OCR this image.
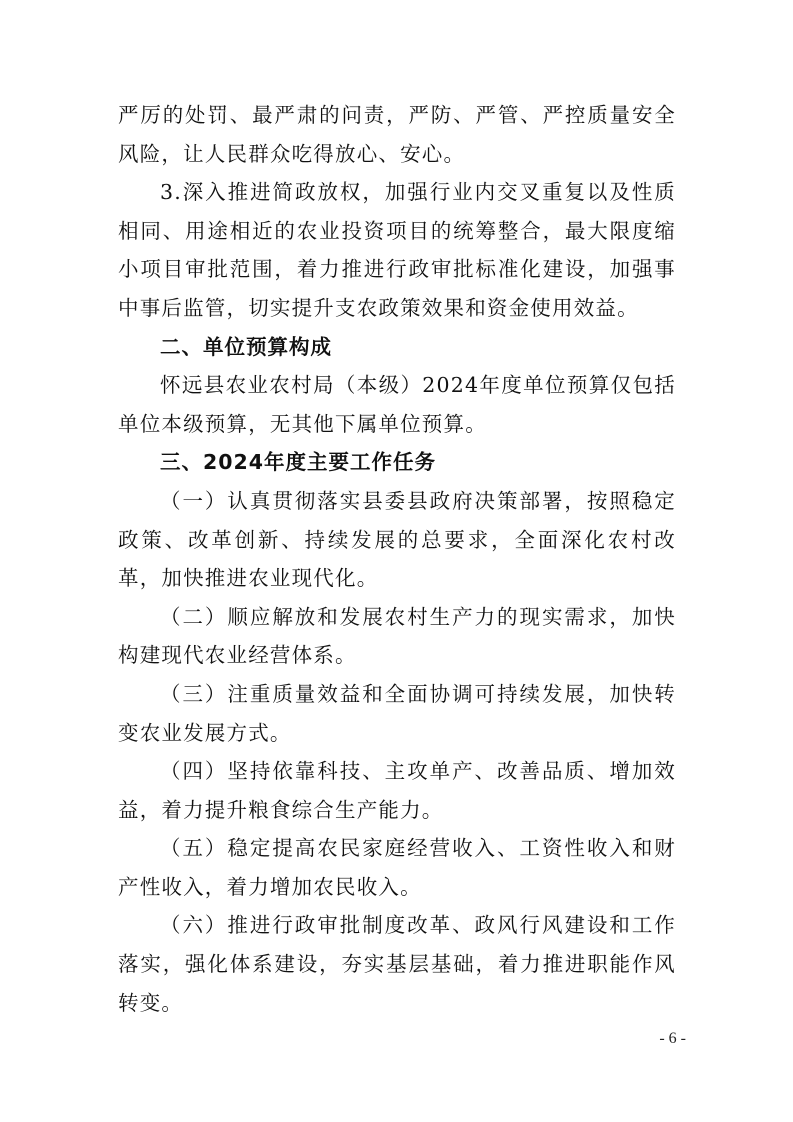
严厉的处罚、最严肃的问责，严防、严管、严控质量安全风险，让人民群众吃得放心、安心。

3.深入推进简政放权，加强行业内交叉重复以及性质相同、用途相近的农业投资项目的统筹整合，最大限度缩小项目审批范围，着力推进行政审批标准化建设，加强事中事后监管，切实提升支农政策效果和资金使用效益。

二、单位预算构成

怀远县农业农村局（本级）2024年度单位预算仅包括单位本级预算，无其他下属单位预算。

三、2024年度主要工作任务

（一）认真贯彻落实县委县政府决策部署，按照稳定政策、改革创新、持续发展的总要求，全面深化农村改革，加快推进农业现代化。

（二）顺应解放和发展农村生产力的现实需求，加快构建现代农业经营体系。

（三）注重质量效益和全面协调可持续发展，加快转变农业发展方式。

（四）坚持依靠科技、主攻单产、改善品质、增加效益，着力提升粮食综合生产能力。

（五）稳定提高农民家庭经营收入、工资性收入和财产性收入，着力增加农民收入。

（六）推进行政审批制度改革、政风行风建设和工作落实，强化体系建设，夯实基层基础，着力推进职能作风转变。

- 6 -
